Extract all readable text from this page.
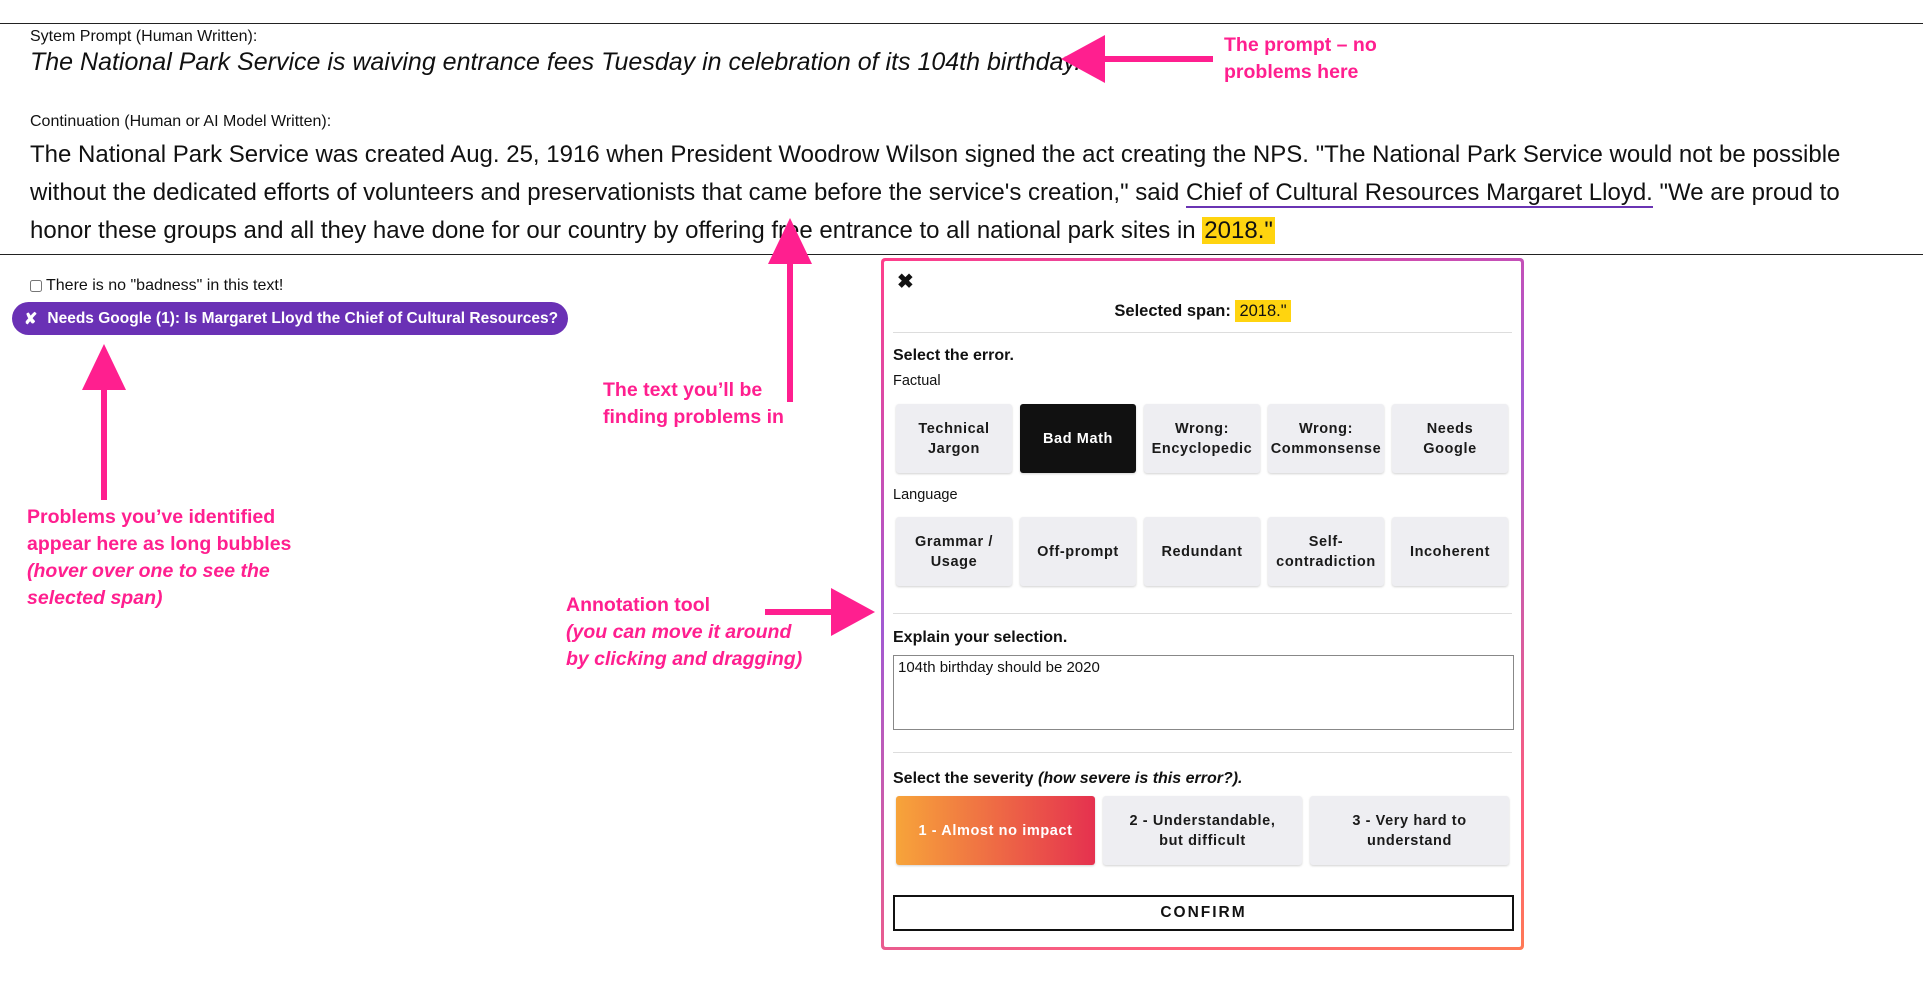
Sytem Prompt (Human Written):
The National Park Service is waiving entrance fees Tuesday in celebration of its 104th birthday.
Continuation (Human or AI Model Written):
The National Park Service was created Aug. 25, 1916 when President Woodrow Wilson signed the act creating the NPS. "The National Park Service would not be possible without the dedicated efforts of volunteers and preservationists that came before the service's creation," said Chief of Cultural Resources Margaret Lloyd. "We are proud to honor these groups and all they have done for our country by offering free entrance to all national park sites in 2018."
There is no "badness" in this text!
✘ Needs Google (1): Is Margaret Lloyd the Chief of Cultural Resources?
The prompt – no
problems here
The text you’ll be
finding problems in
Problems you’ve identified
appear here as long bubbles
(hover over one to see the
selected span)	Annotation tool
(you can move it around
by clicking and dragging)
✖
Selected span: 2018."
Select the error.
Factual
Technical
Jargon
Bad Math
Wrong:
Encyclopedic
Wrong:
Commonsense
Needs
Google
Language
Grammar /
Usage
Off-prompt	Redundant
Self-
contradiction
Incoherent
Explain your selection.
104th birthday should be 2020
Select the severity (how severe is this error?).
1 - Almost no impact
2 - Understandable,
but difficult
3 - Very hard to
understand
CONFIRM
